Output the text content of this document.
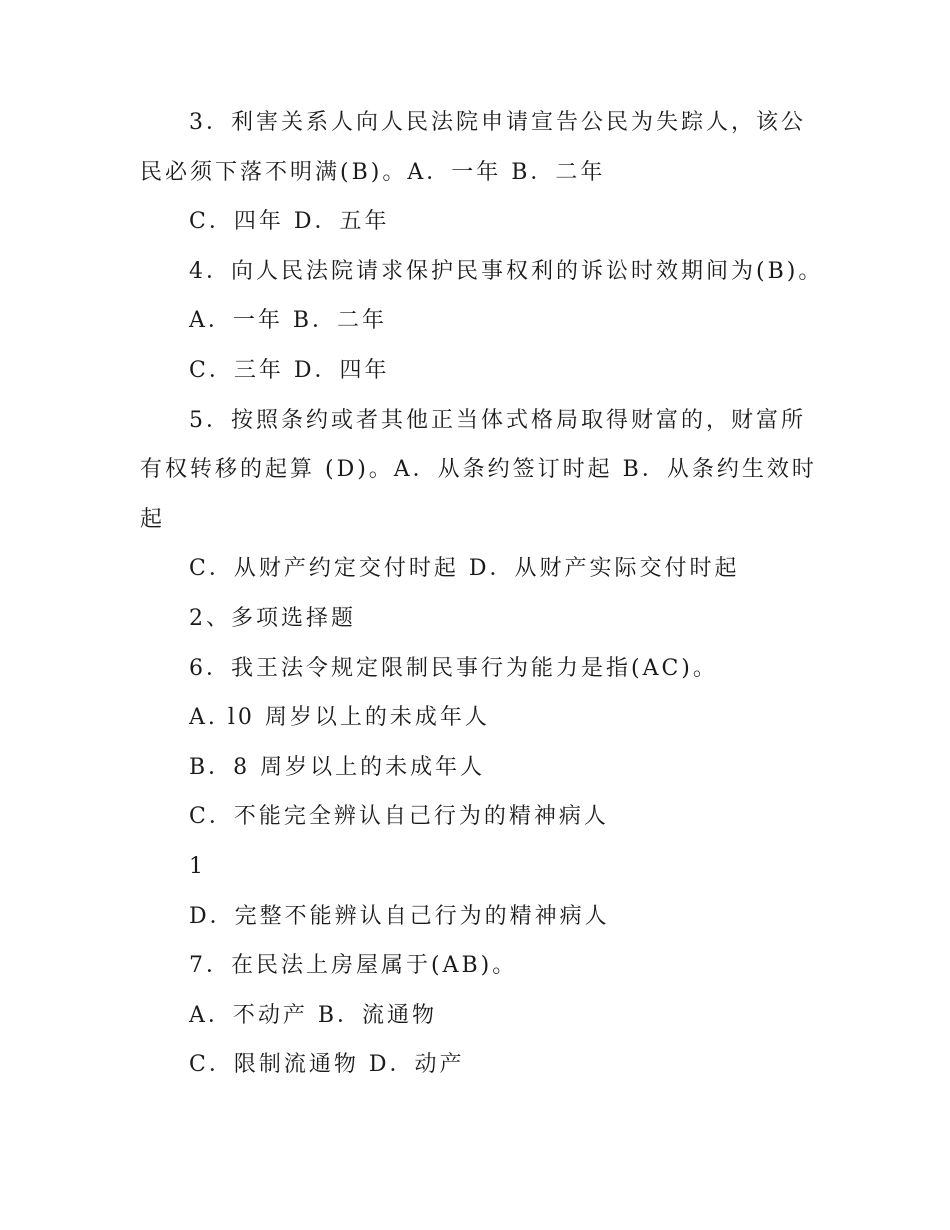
3．利害关系人向人民法院申请宣告公民为失踪人，该公
民必须下落不明满(B)。A．一年 B．二年
C．四年 D．五年
4．向人民法院请求保护民事权利的诉讼时效期间为(B)。
A．一年 B．二年
C．三年 D．四年
5．按照条约或者其他正当体式格局取得财富的，财富所
有权转移的起算 (D)。A．从条约签订时起 B．从条约生效时
起
C．从财产约定交付时起 D．从财产实际交付时起
2、多项选择题
6．我王法令规定限制民事行为能力是指(AC)。
A. l0 周岁以上的未成年人
B．8 周岁以上的未成年人
C．不能完全辨认自己行为的精神病人
1
D．完整不能辨认自己行为的精神病人
7．在民法上房屋属于(AB)。
A．不动产 B．流通物
C．限制流通物 D．动产
